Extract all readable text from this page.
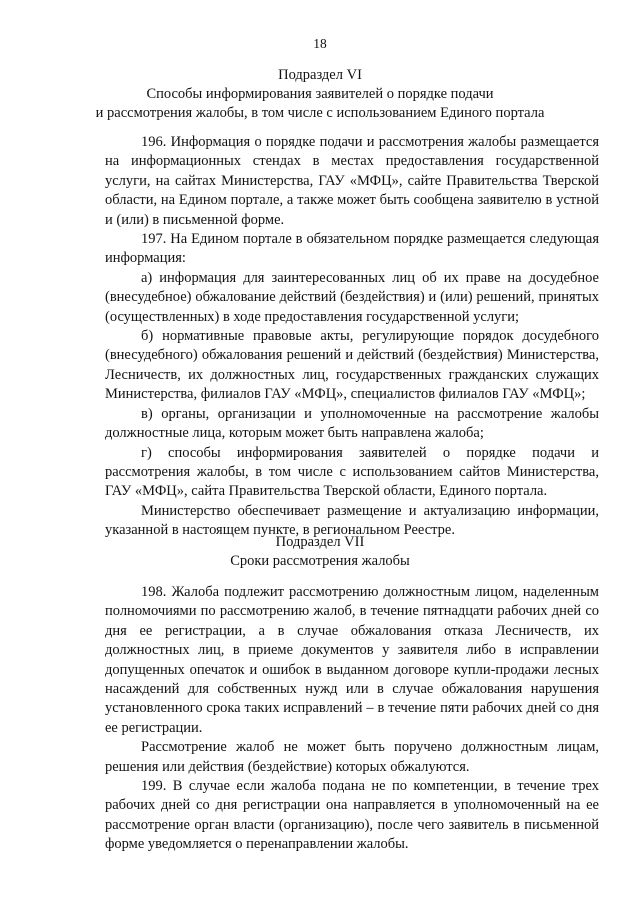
18
Подраздел VI
Способы информирования заявителей о порядке подачи
и рассмотрения жалобы, в том числе с использованием Единого портала

196. Информация о порядке подачи и рассмотрения жалобы размещается на информационных стендах в местах предоставления государственной услуги, на сайтах Министерства, ГАУ «МФЦ», сайте Правительства Тверской области, на Едином портале, а также может быть сообщена заявителю в устной и (или) в письменной форме.

197. На Едином портале в обязательном порядке размещается следующая информация:

а) информация для заинтересованных лиц об их праве на досудебное (внесудебное) обжалование действий (бездействия) и (или) решений, принятых (осуществленных) в ходе предоставления государственной услуги;

б) нормативные правовые акты, регулирующие порядок досудебного (внесудебного) обжалования решений и действий (бездействия) Министерства, Лесничеств, их должностных лиц, государственных гражданских служащих Министерства, филиалов ГАУ «МФЦ», специалистов филиалов ГАУ «МФЦ»;

в) органы, организации и уполномоченные на рассмотрение жалобы должностные лица, которым может быть направлена жалоба;

г) способы информирования заявителей о порядке подачи и рассмотрения жалобы, в том числе с использованием сайтов Министерства, ГАУ «МФЦ», сайта Правительства Тверской области, Единого портала.

Министерство обеспечивает размещение и актуализацию информации, указанной в настоящем пункте, в региональном Реестре.

Подраздел VII
Сроки рассмотрения жалобы

198. Жалоба подлежит рассмотрению должностным лицом, наделенным полномочиями по рассмотрению жалоб, в течение пятнадцати рабочих дней со дня ее регистрации, а в случае обжалования отказа Лесничеств, их должностных лиц, в приеме документов у заявителя либо в исправлении допущенных опечаток и ошибок в выданном договоре купли-продажи лесных насаждений для собственных нужд или в случае обжалования нарушения установленного срока таких исправлений – в течение пяти рабочих дней со дня ее регистрации.

Рассмотрение жалоб не может быть поручено должностным лицам, решения или действия (бездействие) которых обжалуются.

199. В случае если жалоба подана не по компетенции, в течение трех рабочих дней со дня регистрации она направляется в уполномоченный на ее рассмотрение орган власти (организацию), после чего заявитель в письменной форме уведомляется о перенаправлении жалобы.
